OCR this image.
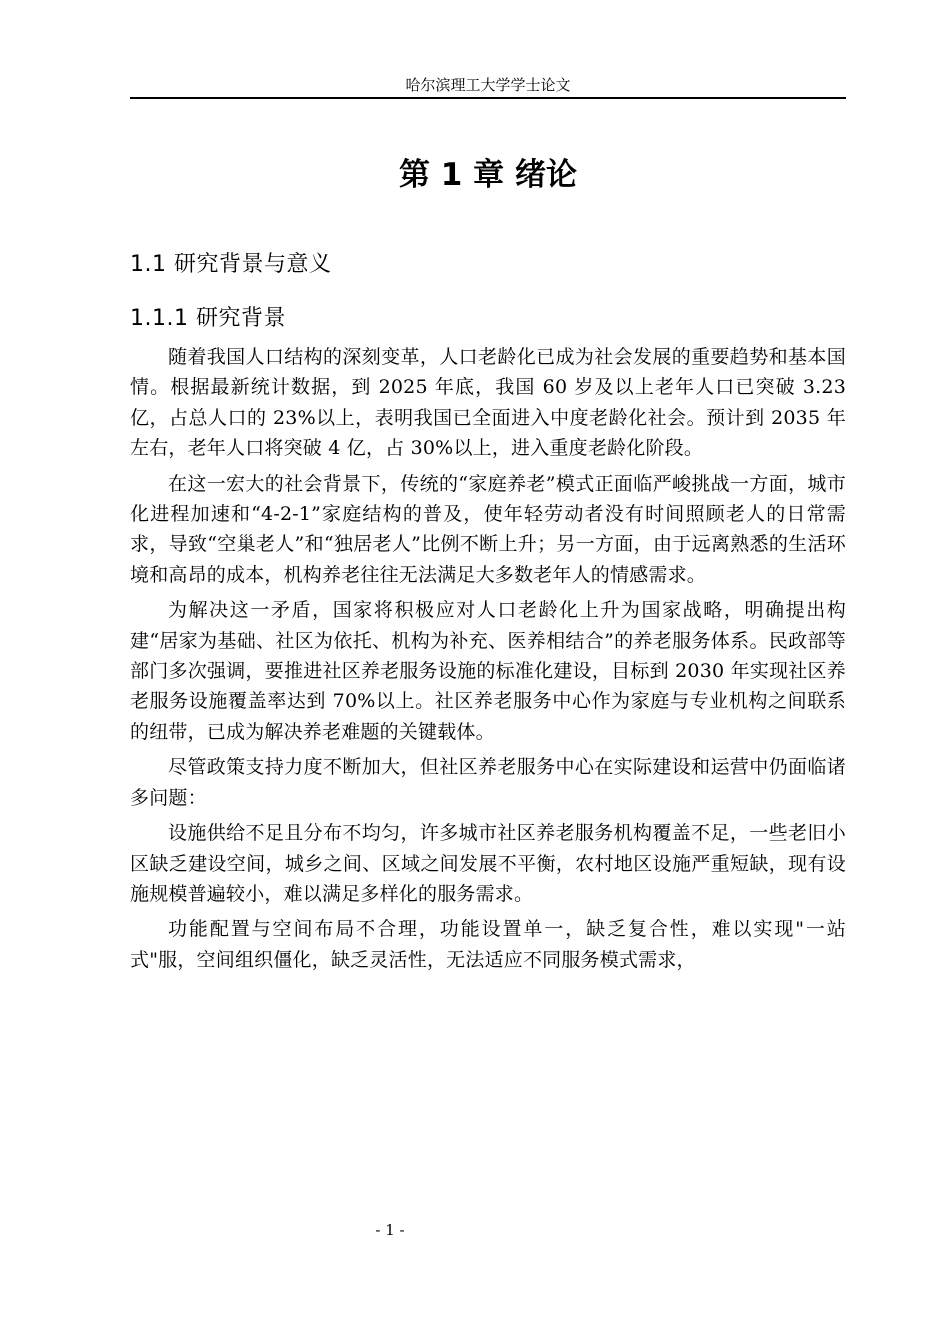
哈尔滨理工大学学士论文
第 1 章 绪论
1.1 研究背景与意义
1.1.1 研究背景

随着我国人口结构的深刻变革，人口老龄化已成为社会发展的重要趋势和基本国情。根据最新统计数据，到 2025 年底，我国 60 岁及以上老年人口已突破 3.23 亿，占总人口的 23%以上，表明我国已全面进入中度老龄化社会。预计到 2035 年左右，老年人口将突破 4 亿，占 30%以上，进入重度老龄化阶段。

在这一宏大的社会背景下，传统的“家庭养老”模式正面临严峻挑战一方面，城市化进程加速和“4-2-1”家庭结构的普及，使年轻劳动者没有时间照顾老人的日常需求，导致“空巢老人”和“独居老人”比例不断上升；另一方面，由于远离熟悉的生活环境和高昂的成本，机构养老往往无法满足大多数老年人的情感需求。

为解决这一矛盾，国家将积极应对人口老龄化上升为国家战略，明确提出构建“居家为基础、社区为依托、机构为补充、医养相结合”的养老服务体系。民政部等部门多次强调，要推进社区养老服务设施的标准化建设，目标到 2030 年实现社区养老服务设施覆盖率达到 70%以上。社区养老服务中心作为家庭与专业机构之间联系的纽带，已成为解决养老难题的关键载体。

尽管政策支持力度不断加大，但社区养老服务中心在实际建设和运营中仍面临诸多问题：

设施供给不足且分布不均匀，许多城市社区养老服务机构覆盖不足，一些老旧小区缺乏建设空间，城乡之间、区域之间发展不平衡，农村地区设施严重短缺，现有设施规模普遍较小，难以满足多样化的服务需求。

功能配置与空间布局不合理，功能设置单一，缺乏复合性，难以实现"一站式"服，空间组织僵化，缺乏灵活性，无法适应不同服务模式需求，

- 1 -
